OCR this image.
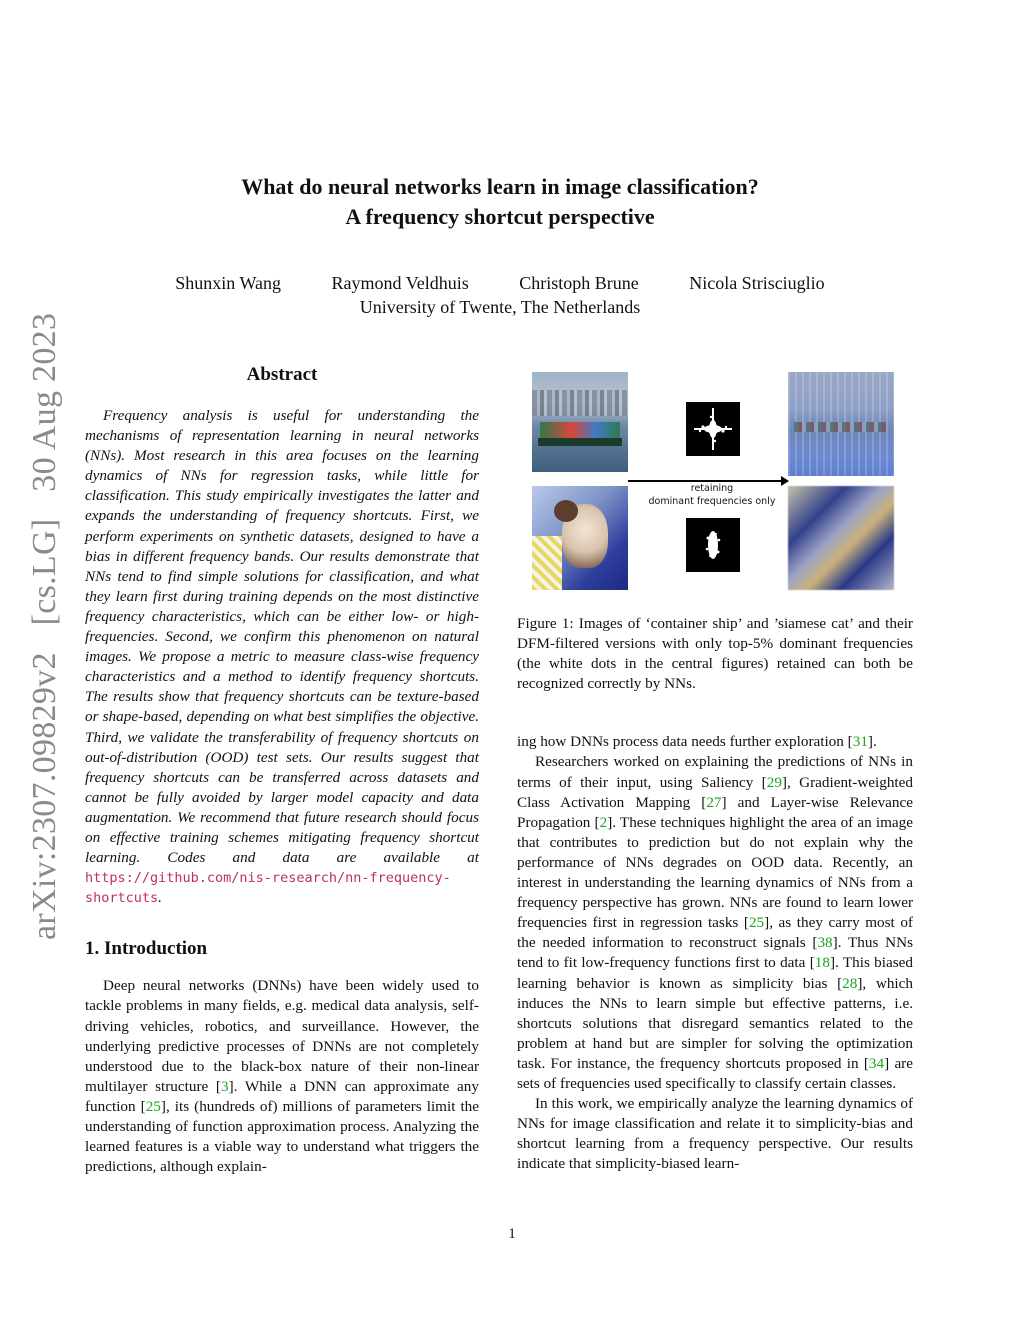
arXiv:2307.09829v2 [cs.LG] 30 Aug 2023
What do neural networks learn in image classification?
A frequency shortcut perspective
Shunxin Wang	Raymond Veldhuis	Christoph Brune	Nicola Strisciuglio
University of Twente, The Netherlands
Abstract

Frequency analysis is useful for understanding the mechanisms of representation learning in neural networks (NNs). Most research in this area focuses on the learning dynamics of NNs for regression tasks, while little for classification. This study empirically investigates the latter and expands the understanding of frequency shortcuts. First, we perform experiments on synthetic datasets, designed to have a bias in different frequency bands. Our results demonstrate that NNs tend to find simple solutions for classification, and what they learn first during training depends on the most distinctive frequency characteristics, which can be either low- or high-frequencies. Second, we confirm this phenomenon on natural images. We propose a metric to measure class-wise frequency characteristics and a method to identify frequency shortcuts. The results show that frequency shortcuts can be texture-based or shape-based, depending on what best simplifies the objective. Third, we validate the transferability of frequency shortcuts on out-of-distribution (OOD) test sets. Our results suggest that frequency shortcuts can be transferred across datasets and cannot be fully avoided by larger model capacity and data augmentation. We recommend that future research should focus on effective training schemes mitigating frequency shortcut learning. Codes and data are available at https://github.com/nis-research/nn-frequency-shortcuts.

1. Introduction

Deep neural networks (DNNs) have been widely used to tackle problems in many fields, e.g. medical data analysis, self-driving vehicles, robotics, and surveillance. However, the underlying predictive processes of DNNs are not completely understood due to the black-box nature of their non-linear multilayer structure [3]. While a DNN can approximate any function [25], its (hundreds of) millions of parameters limit the understanding of function approximation process. Analyzing the learned features is a viable way to understand what triggers the predictions, although explain-

retaining
dominant frequencies only

Figure 1: Images of ‘container ship’ and ’siamese cat’ and their DFM-filtered versions with only top-5% dominant frequencies (the white dots in the central figures) retained can both be recognized correctly by NNs.

ing how DNNs process data needs further exploration [31].

Researchers worked on explaining the predictions of NNs in terms of their input, using Saliency [29], Gradient-weighted Class Activation Mapping [27] and Layer-wise Relevance Propagation [2]. These techniques highlight the area of an image that contributes to prediction but do not explain why the performance of NNs degrades on OOD data. Recently, an interest in understanding the learning dynamics of NNs from a frequency perspective has grown. NNs are found to learn lower frequencies first in regression tasks [25], as they carry most of the needed information to reconstruct signals [38]. Thus NNs tend to fit low-frequency functions first to data [18]. This biased learning behavior is known as simplicity bias [28], which induces the NNs to learn simple but effective patterns, i.e. shortcuts solutions that disregard semantics related to the problem at hand but are simpler for solving the optimization task. For instance, the frequency shortcuts proposed in [34] are sets of frequencies used specifically to classify certain classes.

In this work, we empirically analyze the learning dynamics of NNs for image classification and relate it to simplicity-bias and shortcut learning from a frequency perspective. Our results indicate that simplicity-biased learn-

1
